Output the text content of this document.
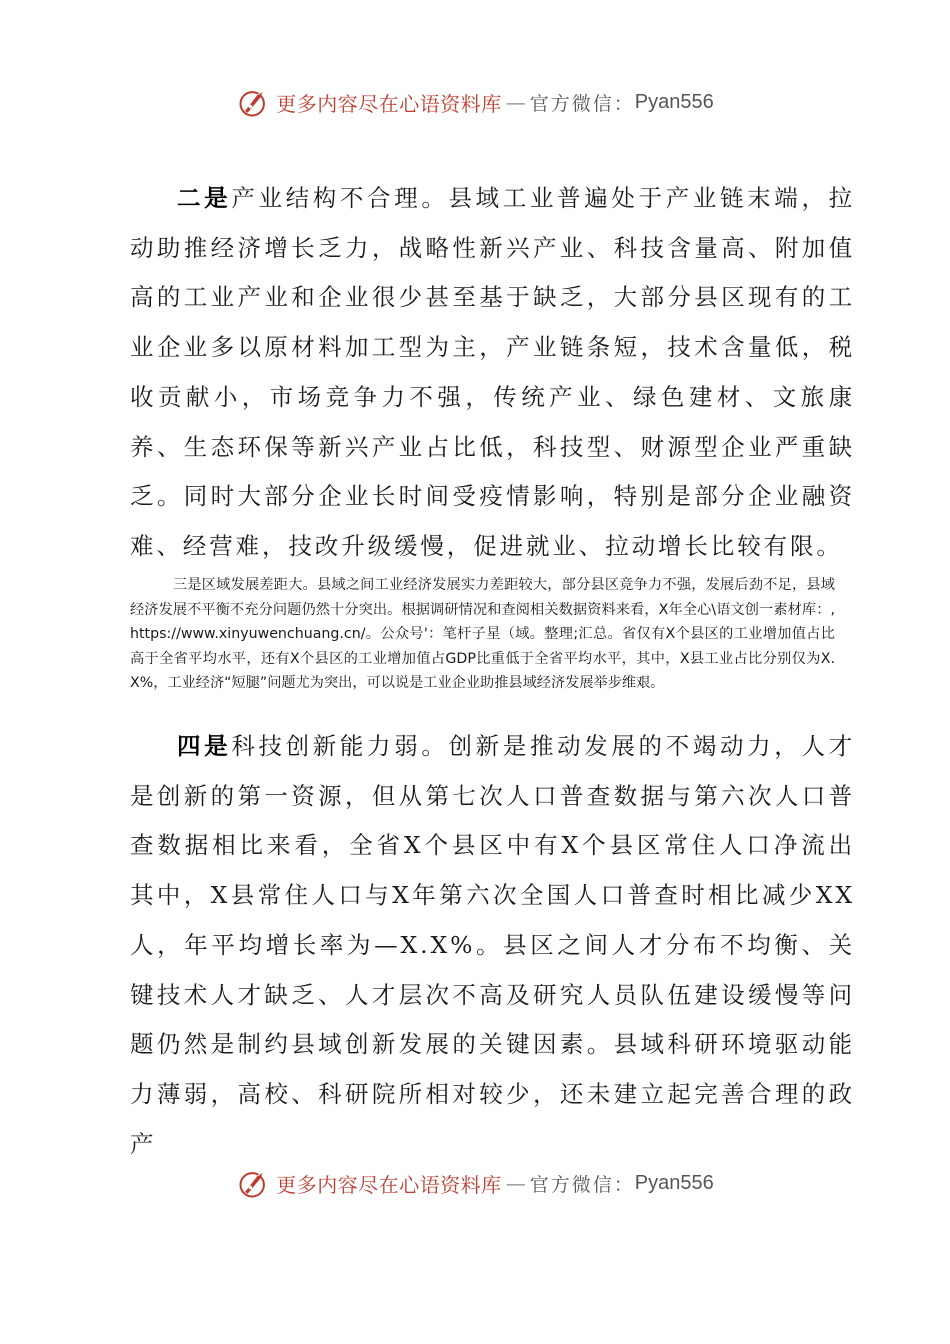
更多内容尽在心语资料库 — 官方微信： Pyan556

二是产业结构不合理。县域工业普遍处于产业链末端，拉动助推经济增长乏力，战略性新兴产业、科技含量高、附加值高的工业产业和企业很少甚至基于缺乏，大部分县区现有的工业企业多以原材料加工型为主，产业链条短，技术含量低，税收贡献小，市场竞争力不强，传统产业、绿色建材、文旅康养、生态环保等新兴产业占比低，科技型、财源型企业严重缺乏。同时大部分企业长时间受疫情影响，特别是部分企业融资难、经营难，技改升级缓慢，促进就业、拉动增长比较有限。

三是区域发展差距大。县域之间工业经济发展实力差距较大，部分县区竞争力不强，发展后劲不足，县域经济发展不平衡不充分问题仍然十分突出。根据调研情况和查阅相关数据资料来看，X年全心\语文创一素材库：,https://www.xinyuwenchuang.cn/。公众号'：笔杆子星（域。整理;汇总。省仅有X个县区的工业增加值占比高于全省平均水平，还有X个县区的工业增加值占GDP比重低于全省平均水平，其中，X县工业占比分别仅为X.X%，工业经济“短腿”问题尤为突出，可以说是工业企业助推县域经济发展举步维艰。

四是科技创新能力弱。创新是推动发展的不竭动力，人才是创新的第一资源，但从第七次人口普查数据与第六次人口普查数据相比来看，全省X个县区中有X个县区常住人口净流出其中，X县常住人口与X年第六次全国人口普查时相比减少XX人，年平均增长率为—X.X%。县区之间人才分布不均衡、关键技术人才缺乏、人才层次不高及研究人员队伍建设缓慢等问题仍然是制约县域创新发展的关键因素。县域科研环境驱动能力薄弱，高校、科研院所相对较少，还未建立起完善合理的政产

更多内容尽在心语资料库 — 官方微信： Pyan556
